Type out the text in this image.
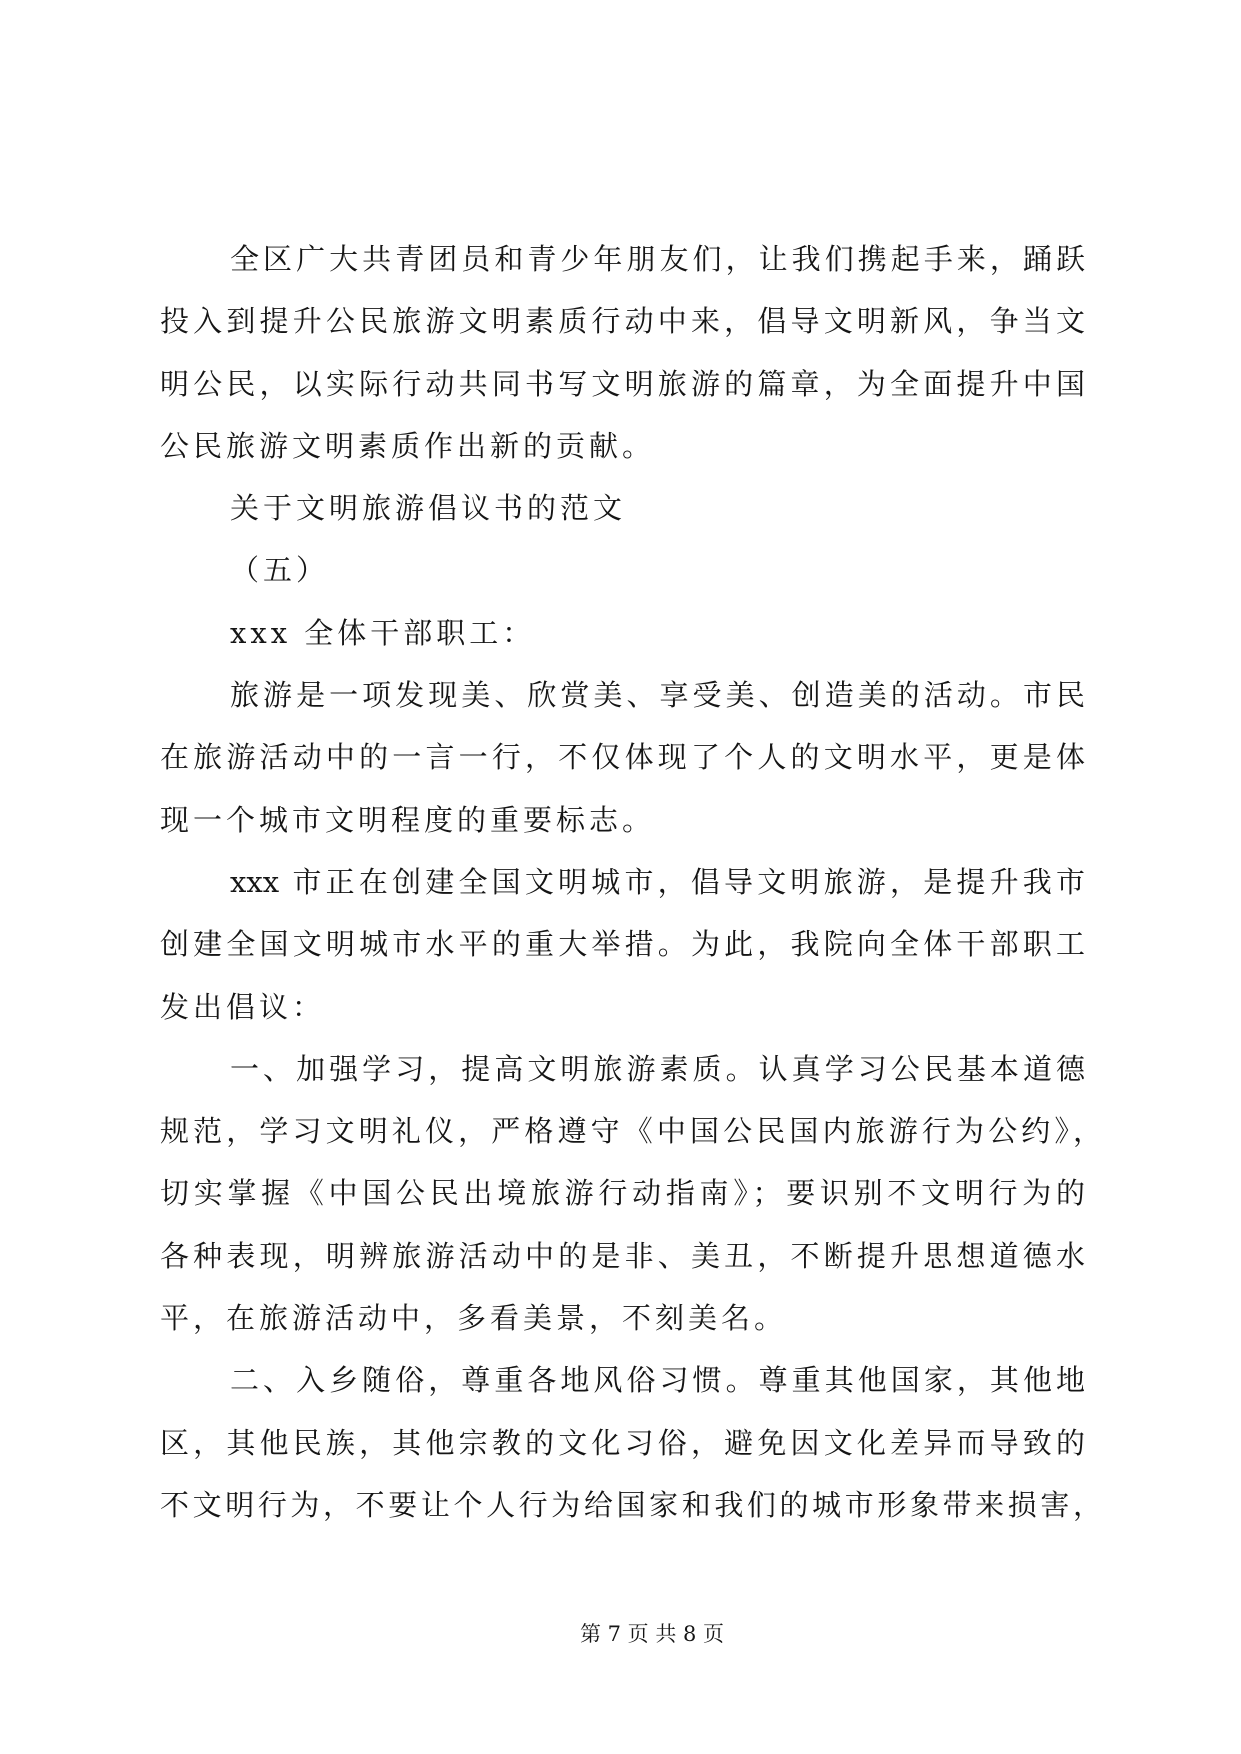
全区广大共青团员和青少年朋友们，让我们携起手来，踊跃
投入到提升公民旅游文明素质行动中来，倡导文明新风，争当文
明公民，以实际行动共同书写文明旅游的篇章，为全面提升中国
公民旅游文明素质作出新的贡献。
关于文明旅游倡议书的范文
（五）
xxx 全体干部职工：
旅游是一项发现美、欣赏美、享受美、创造美的活动。市民
在旅游活动中的一言一行，不仅体现了个人的文明水平，更是体
现一个城市文明程度的重要标志。
xxx 市正在创建全国文明城市，倡导文明旅游，是提升我市
创建全国文明城市水平的重大举措。为此，我院向全体干部职工
发出倡议：
一、加强学习，提高文明旅游素质。认真学习公民基本道德
规范，学习文明礼仪，严格遵守《中国公民国内旅游行为公约》，
切实掌握《中国公民出境旅游行动指南》；要识别不文明行为的
各种表现，明辨旅游活动中的是非、美丑，不断提升思想道德水
平，在旅游活动中，多看美景，不刻美名。
二、入乡随俗，尊重各地风俗习惯。尊重其他国家，其他地
区，其他民族，其他宗教的文化习俗，避免因文化差异而导致的
不文明行为，不要让个人行为给国家和我们的城市形象带来损害，
第 7 页 共 8 页
